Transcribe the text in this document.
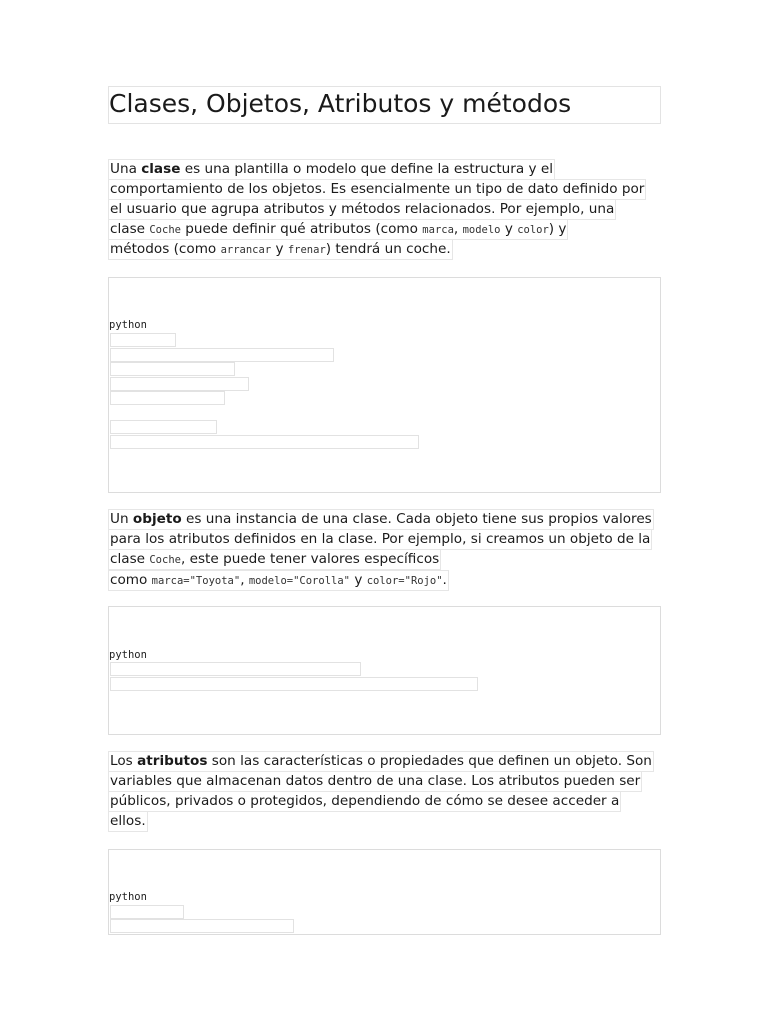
Clases, Objetos, Atributos y métodos
Una clase es una plantilla o modelo que define la estructura y el
comportamiento de los objetos. Es esencialmente un tipo de dato definido por
el usuario que agrupa atributos y métodos relacionados. Por ejemplo, una
clase Coche puede definir qué atributos (como marca, modelo y color) y
métodos (como arrancar y frenar) tendrá un coche.
python
Un objeto es una instancia de una clase. Cada objeto tiene sus propios valores
para los atributos definidos en la clase. Por ejemplo, si creamos un objeto de la
clase Coche, este puede tener valores específicos
como marca="Toyota", modelo="Corolla" y color="Rojo".
python
Los atributos son las características o propiedades que definen un objeto. Son
variables que almacenan datos dentro de una clase. Los atributos pueden ser
públicos, privados o protegidos, dependiendo de cómo se desee acceder a
ellos.
python
